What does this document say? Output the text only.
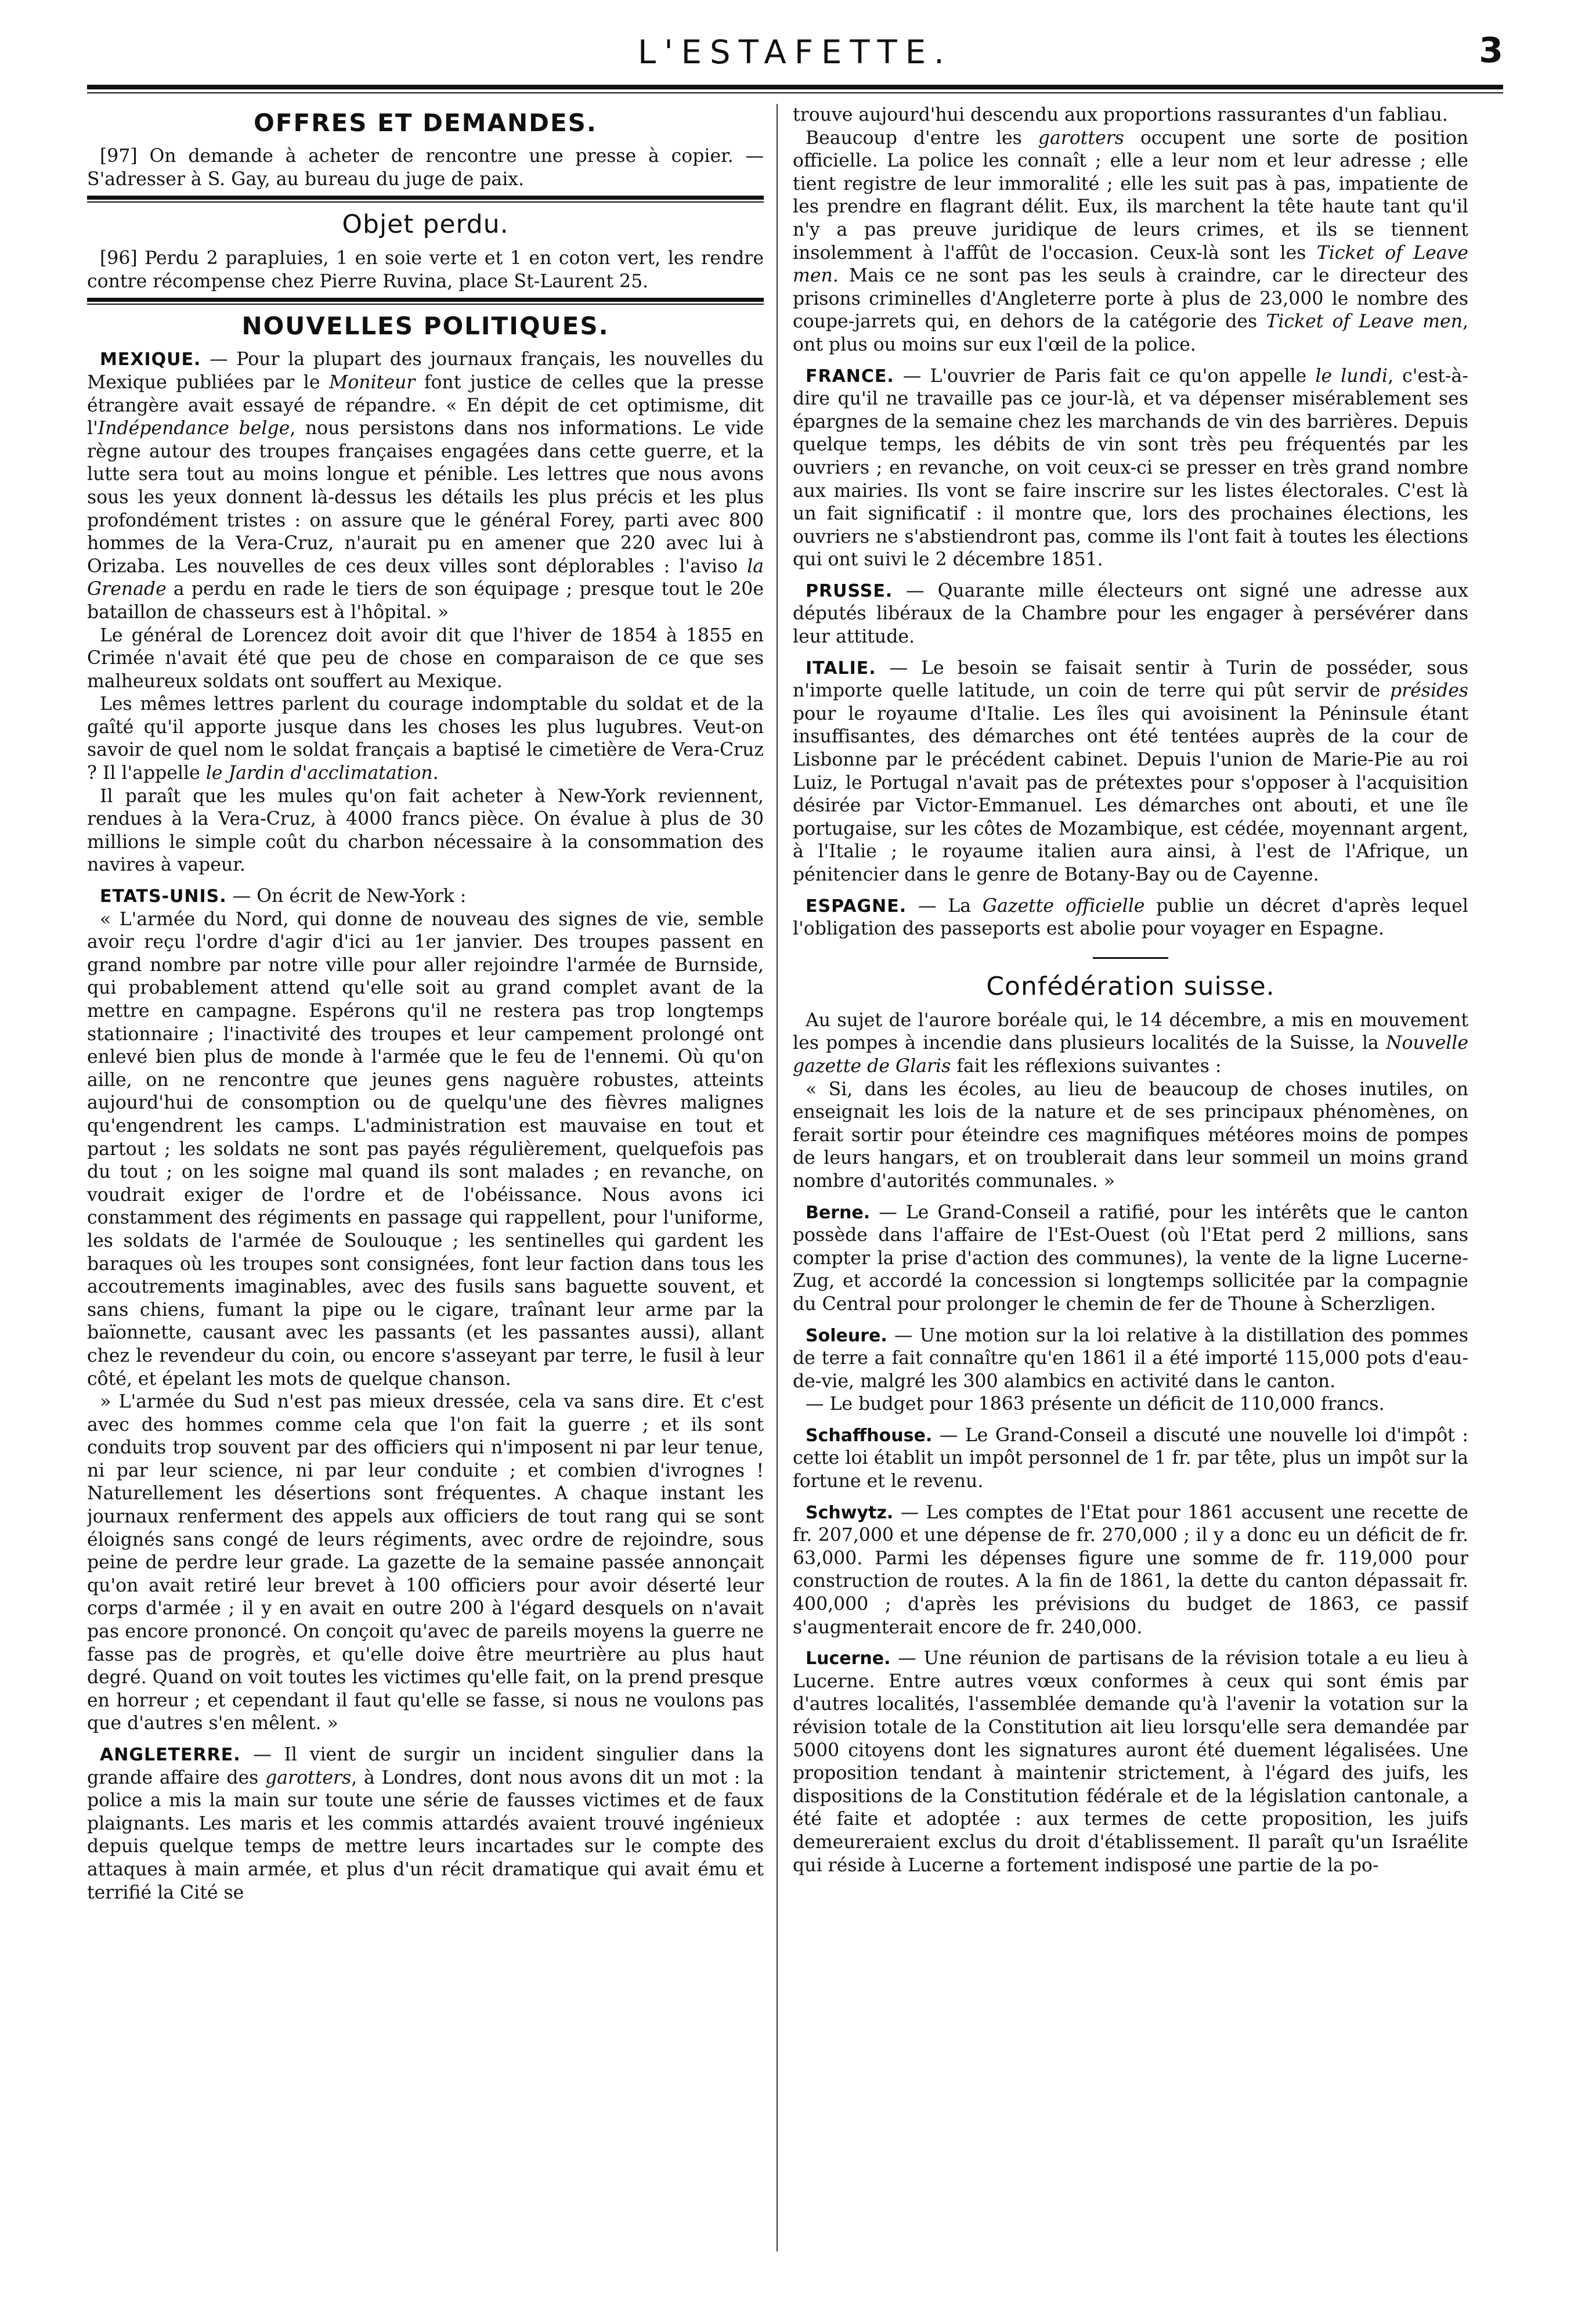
L'ESTAFETTE.	3
OFFRES ET DEMANDES.

[97] On demande à acheter de rencontre une presse à copier. — S'adresser à S. Gay, au bureau du juge de paix.

Objet perdu.

[96] Perdu 2 parapluies, 1 en soie verte et 1 en coton vert, les rendre contre récompense chez Pierre Ruvina, place St-Laurent 25.

NOUVELLES POLITIQUES.

MEXIQUE. — Pour la plupart des journaux français, les nouvelles du Mexique publiées par le Moniteur font justice de celles que la presse étrangère avait essayé de répandre. « En dépit de cet optimisme, dit l'Indépendance belge, nous persistons dans nos informations. Le vide règne autour des troupes françaises engagées dans cette guerre, et la lutte sera tout au moins longue et pénible. Les lettres que nous avons sous les yeux donnent là-dessus les détails les plus précis et les plus profondément tristes : on assure que le général Forey, parti avec 800 hommes de la Vera-Cruz, n'aurait pu en amener que 220 avec lui à Orizaba. Les nouvelles de ces deux villes sont déplorables : l'aviso la Grenade a perdu en rade le tiers de son équipage ; presque tout le 20e bataillon de chasseurs est à l'hôpital. »

Le général de Lorencez doit avoir dit que l'hiver de 1854 à 1855 en Crimée n'avait été que peu de chose en comparaison de ce que ses malheureux soldats ont souffert au Mexique.

Les mêmes lettres parlent du courage indomptable du soldat et de la gaîté qu'il apporte jusque dans les choses les plus lugubres. Veut-on savoir de quel nom le soldat français a baptisé le cimetière de Vera-Cruz ? Il l'appelle le Jardin d'acclimatation.

Il paraît que les mules qu'on fait acheter à New-York reviennent, rendues à la Vera-Cruz, à 4000 francs pièce. On évalue à plus de 30 millions le simple coût du charbon nécessaire à la consommation des navires à vapeur.

ETATS-UNIS. — On écrit de New-York :

« L'armée du Nord, qui donne de nouveau des signes de vie, semble avoir reçu l'ordre d'agir d'ici au 1er janvier. Des troupes passent en grand nombre par notre ville pour aller rejoindre l'armée de Burnside, qui probablement attend qu'elle soit au grand complet avant de la mettre en campagne. Espérons qu'il ne restera pas trop longtemps stationnaire ; l'inactivité des troupes et leur campement prolongé ont enlevé bien plus de monde à l'armée que le feu de l'ennemi. Où qu'on aille, on ne rencontre que jeunes gens naguère robustes, atteints aujourd'hui de consomption ou de quelqu'une des fièvres malignes qu'engendrent les camps. L'administration est mauvaise en tout et partout ; les soldats ne sont pas payés régulièrement, quelquefois pas du tout ; on les soigne mal quand ils sont malades ; en revanche, on voudrait exiger de l'ordre et de l'obéissance. Nous avons ici constamment des régiments en passage qui rappellent, pour l'uniforme, les soldats de l'armée de Soulouque ; les sentinelles qui gardent les baraques où les troupes sont consignées, font leur faction dans tous les accoutrements imaginables, avec des fusils sans baguette souvent, et sans chiens, fumant la pipe ou le cigare, traînant leur arme par la baïonnette, causant avec les passants (et les passantes aussi), allant chez le revendeur du coin, ou encore s'asseyant par terre, le fusil à leur côté, et épelant les mots de quelque chanson.

» L'armée du Sud n'est pas mieux dressée, cela va sans dire. Et c'est avec des hommes comme cela que l'on fait la guerre ; et ils sont conduits trop souvent par des officiers qui n'imposent ni par leur tenue, ni par leur science, ni par leur conduite ; et combien d'ivrognes ! Naturellement les désertions sont fréquentes. A chaque instant les journaux renferment des appels aux officiers de tout rang qui se sont éloignés sans congé de leurs régiments, avec ordre de rejoindre, sous peine de perdre leur grade. La gazette de la semaine passée annonçait qu'on avait retiré leur brevet à 100 officiers pour avoir déserté leur corps d'armée ; il y en avait en outre 200 à l'égard desquels on n'avait pas encore prononcé. On conçoit qu'avec de pareils moyens la guerre ne fasse pas de progrès, et qu'elle doive être meurtrière au plus haut degré. Quand on voit toutes les victimes qu'elle fait, on la prend presque en horreur ; et cependant il faut qu'elle se fasse, si nous ne voulons pas que d'autres s'en mêlent. »

ANGLETERRE. — Il vient de surgir un incident singulier dans la grande affaire des garotters, à Londres, dont nous avons dit un mot : la police a mis la main sur toute une série de fausses victimes et de faux plaignants. Les maris et les commis attardés avaient trouvé ingénieux depuis quelque temps de mettre leurs incartades sur le compte des attaques à main armée, et plus d'un récit dramatique qui avait ému et terrifié la Cité se

trouve aujourd'hui descendu aux proportions rassurantes d'un fabliau.

Beaucoup d'entre les garotters occupent une sorte de position officielle. La police les connaît ; elle a leur nom et leur adresse ; elle tient registre de leur immoralité ; elle les suit pas à pas, impatiente de les prendre en flagrant délit. Eux, ils marchent la tête haute tant qu'il n'y a pas preuve juridique de leurs crimes, et ils se tiennent insolemment à l'affût de l'occasion. Ceux-là sont les Ticket of Leave men. Mais ce ne sont pas les seuls à craindre, car le directeur des prisons criminelles d'Angleterre porte à plus de 23,000 le nombre des coupe-jarrets qui, en dehors de la catégorie des Ticket of Leave men, ont plus ou moins sur eux l'œil de la police.

FRANCE. — L'ouvrier de Paris fait ce qu'on appelle le lundi, c'est-à-dire qu'il ne travaille pas ce jour-là, et va dépenser misérablement ses épargnes de la semaine chez les marchands de vin des barrières. Depuis quelque temps, les débits de vin sont très peu fréquentés par les ouvriers ; en revanche, on voit ceux-ci se presser en très grand nombre aux mairies. Ils vont se faire inscrire sur les listes électorales. C'est là un fait significatif : il montre que, lors des prochaines élections, les ouvriers ne s'abstiendront pas, comme ils l'ont fait à toutes les élections qui ont suivi le 2 décembre 1851.

PRUSSE. — Quarante mille électeurs ont signé une adresse aux députés libéraux de la Chambre pour les engager à persévérer dans leur attitude.

ITALIE. — Le besoin se faisait sentir à Turin de posséder, sous n'importe quelle latitude, un coin de terre qui pût servir de présides pour le royaume d'Italie. Les îles qui avoisinent la Péninsule étant insuffisantes, des démarches ont été tentées auprès de la cour de Lisbonne par le précédent cabinet. Depuis l'union de Marie-Pie au roi Luiz, le Portugal n'avait pas de prétextes pour s'opposer à l'acquisition désirée par Victor-Emmanuel. Les démarches ont abouti, et une île portugaise, sur les côtes de Mozambique, est cédée, moyennant argent, à l'Italie ; le royaume italien aura ainsi, à l'est de l'Afrique, un pénitencier dans le genre de Botany-Bay ou de Cayenne.

ESPAGNE. — La Gazette officielle publie un décret d'après lequel l'obligation des passeports est abolie pour voyager en Espagne.

Confédération suisse.

Au sujet de l'aurore boréale qui, le 14 décembre, a mis en mouvement les pompes à incendie dans plusieurs localités de la Suisse, la Nouvelle gazette de Glaris fait les réflexions suivantes :

« Si, dans les écoles, au lieu de beaucoup de choses inutiles, on enseignait les lois de la nature et de ses principaux phénomènes, on ferait sortir pour éteindre ces magnifiques météores moins de pompes de leurs hangars, et on troublerait dans leur sommeil un moins grand nombre d'autorités communales. »

Berne. — Le Grand-Conseil a ratifié, pour les intérêts que le canton possède dans l'affaire de l'Est-Ouest (où l'Etat perd 2 millions, sans compter la prise d'action des communes), la vente de la ligne Lucerne-Zug, et accordé la concession si longtemps sollicitée par la compagnie du Central pour prolonger le chemin de fer de Thoune à Scherzligen.

Soleure. — Une motion sur la loi relative à la distillation des pommes de terre a fait connaître qu'en 1861 il a été importé 115,000 pots d'eau-de-vie, malgré les 300 alambics en activité dans le canton.

— Le budget pour 1863 présente un déficit de 110,000 francs.

Schaffhouse. — Le Grand-Conseil a discuté une nouvelle loi d'impôt : cette loi établit un impôt personnel de 1 fr. par tête, plus un impôt sur la fortune et le revenu.

Schwytz. — Les comptes de l'Etat pour 1861 accusent une recette de fr. 207,000 et une dépense de fr. 270,000 ; il y a donc eu un déficit de fr. 63,000. Parmi les dépenses figure une somme de fr. 119,000 pour construction de routes. A la fin de 1861, la dette du canton dépassait fr. 400,000 ; d'après les prévisions du budget de 1863, ce passif s'augmenterait encore de fr. 240,000.

Lucerne. — Une réunion de partisans de la révision totale a eu lieu à Lucerne. Entre autres vœux conformes à ceux qui sont émis par d'autres localités, l'assemblée demande qu'à l'avenir la votation sur la révision totale de la Constitution ait lieu lorsqu'elle sera demandée par 5000 citoyens dont les signatures auront été duement légalisées. Une proposition tendant à maintenir strictement, à l'égard des juifs, les dispositions de la Constitution fédérale et de la législation cantonale, a été faite et adoptée : aux termes de cette proposition, les juifs demeureraient exclus du droit d'établissement. Il paraît qu'un Israélite qui réside à Lucerne a fortement indisposé une partie de la po-
